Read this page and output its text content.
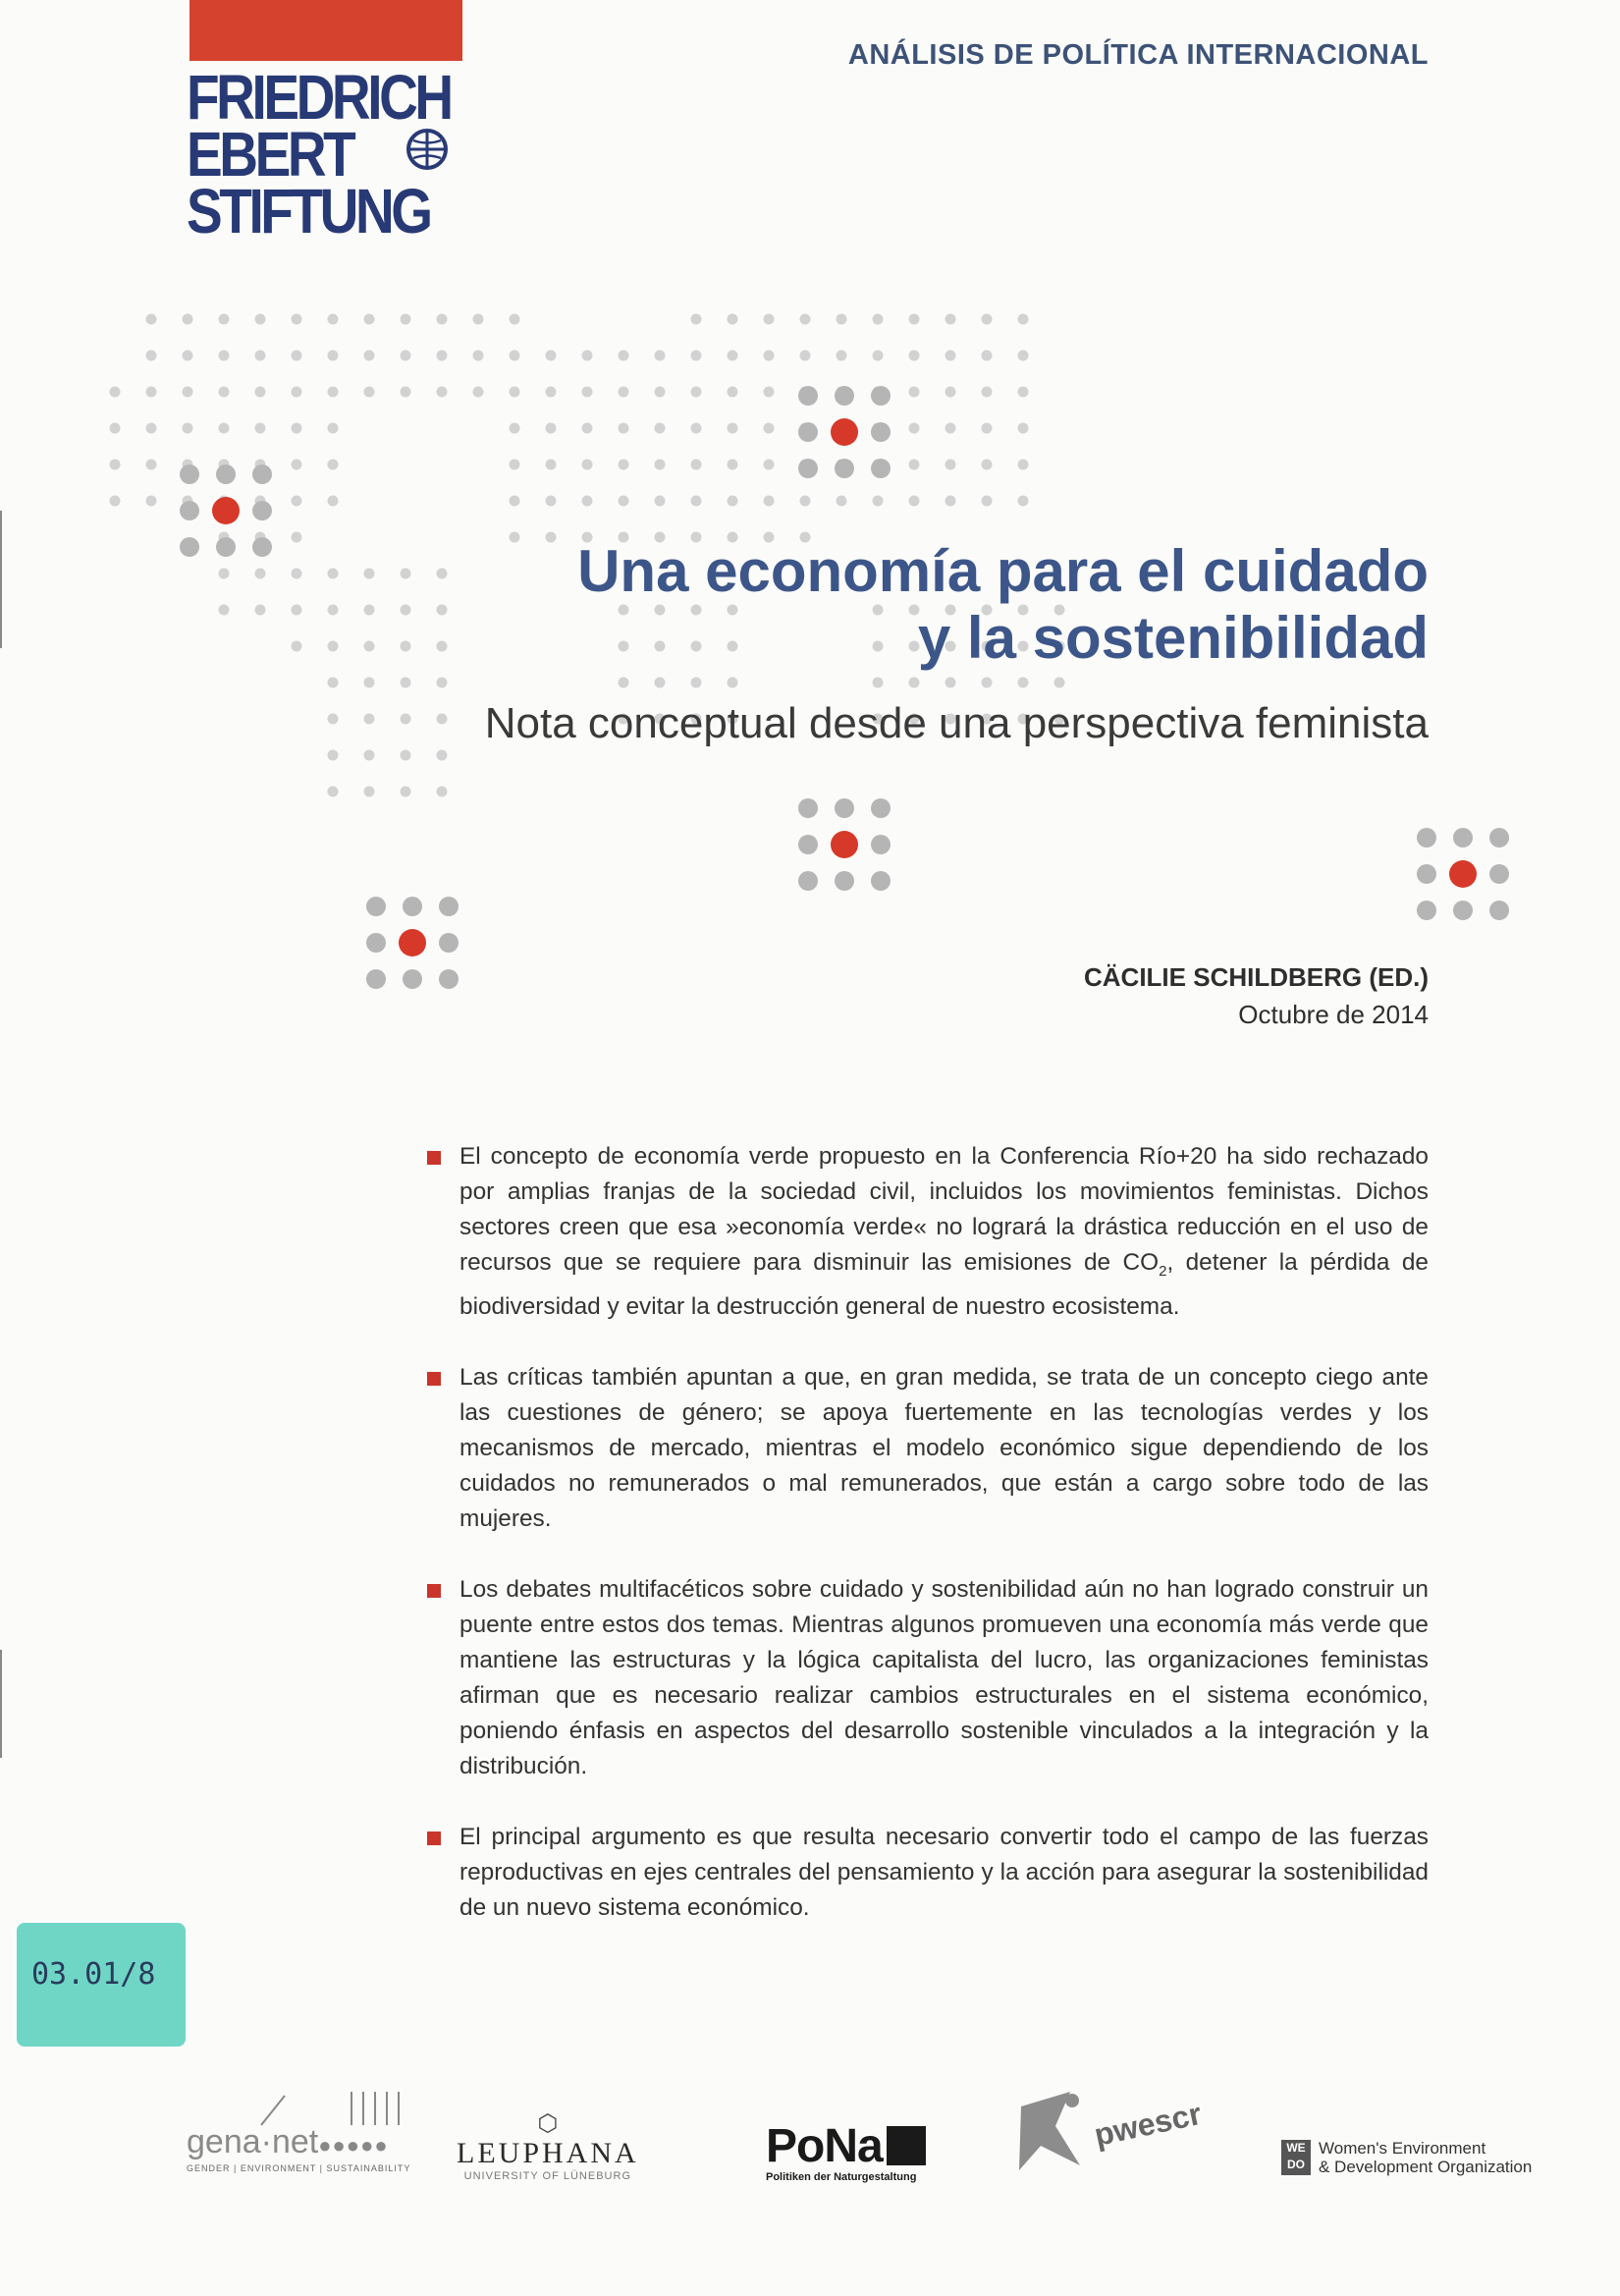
FRIEDRICH
EBERT
STIFTUNG
ANÁLISIS DE POLÍTICA INTERNACIONAL
Una economía para el cuidado
y la sostenibilidad
Nota conceptual desde una perspectiva feminista
CÄCILIE SCHILDBERG (ED.)
Octubre de 2014
El concepto de economía verde propuesto en la Conferencia Río+20 ha sido rechazado por amplias franjas de la sociedad civil, incluidos los movimientos feministas. Dichos sectores creen que esa »economía verde« no logrará la drástica reducción en el uso de recursos que se requiere para disminuir las emisiones de $CO_2$, detener la pérdida de biodiversidad y evitar la destrucción general de nuestro ecosistema.
Las críticas también apuntan a que, en gran medida, se trata de un concepto ciego ante las cuestiones de género; se apoya fuertemente en las tecnologías verdes y los mecanismos de mercado, mientras el modelo económico sigue dependiendo de los cuidados no remunerados o mal remunerados, que están a cargo sobre todo de las mujeres.
Los debates multifacéticos sobre cuidado y sostenibilidad aún no han logrado construir un puente entre estos dos temas. Mientras algunos promueven una economía más verde que mantiene las estructuras y la lógica capitalista del lucro, las organizaciones feministas afirman que es necesario realizar cambios estructurales en el sistema económico, poniendo énfasis en aspectos del desarrollo sostenible vinculados a la integración y la distribución.
El principal argumento es que resulta necesario convertir todo el campo de las fuerzas reproductivas en ejes centrales del pensamiento y la acción para asegurar la sostenibilidad de un nuevo sistema económico.
03.01/8
gena·net●●●●●
GENDER | ENVIRONMENT | SUSTAINABILITY
⬡
LEUPHANA
UNIVERSITY OF LÜNEBURG
PoNa
Politiken der Naturgestaltung
pwescr	WE DO
Women's Environment
& Development Organization
